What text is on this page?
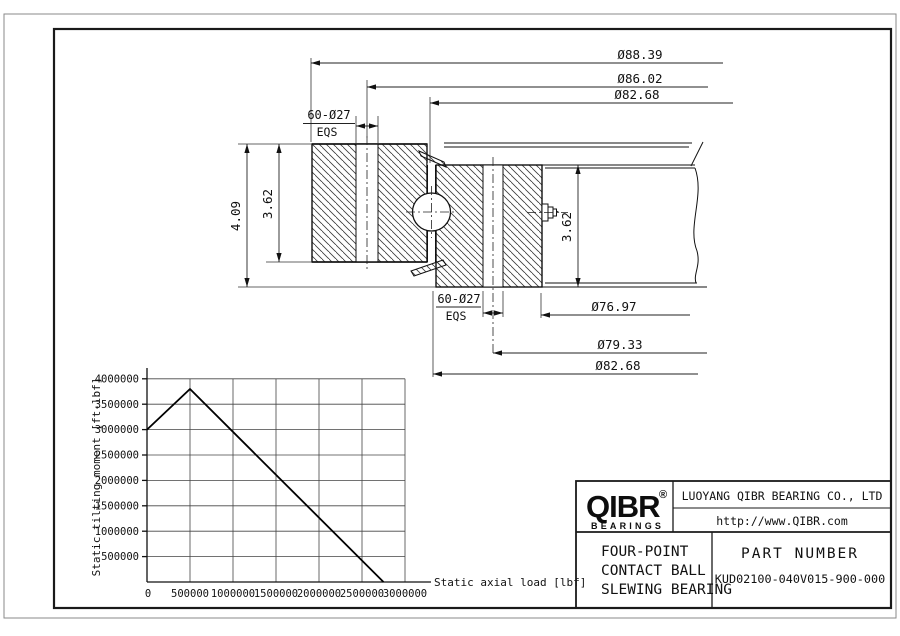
Ø88.39
Ø86.02
Ø82.68
60-Ø27
EQS
60-Ø27
EQS
Ø76.97
Ø79.33
Ø82.68
4.09 3.62
3.62
500000
1000000
1500000
2000000
2500000
3000000
3500000
4000000
0 500000 1000000
1500000
2000000
2500000
3000000
Static tilting moment [ft-lbf]
Static axial load [lbf]
QIBR ®
BEARINGS
LUOYANG QIBR BEARING CO., LTD
http://www.QIBR.com
FOUR-POINT
CONTACT BALL
SLEWING BEARING
PART NUMBER
KUD02100-040V015-900-000
